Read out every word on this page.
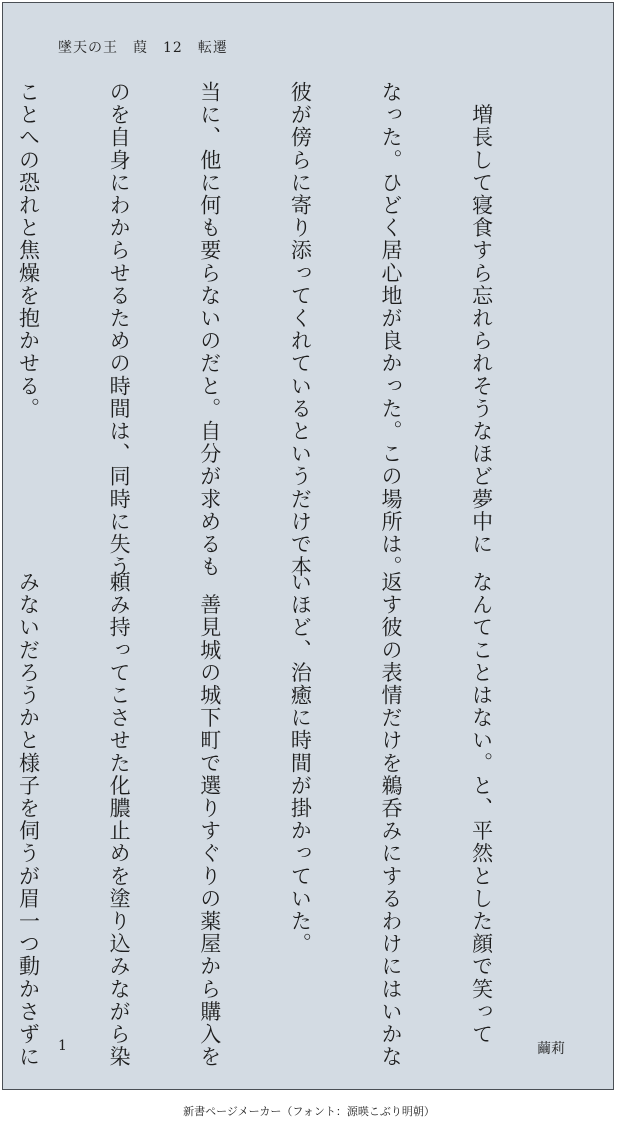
墜天の王　葭　12　転遷

　増長して寝食すら忘れられそうなほど夢中に

なった。ひどく居心地が良かった。この場所は。

彼が傍らに寄り添ってくれているというだけで本

当に、他に何も要らないのだと。自分が求めるも

のを自身にわからせるための時間は、同時に失う

ことへの恐れと焦燥を抱かせる。

なんてことはない。と、平然とした顔で笑って

返す彼の表情だけを鵜呑みにするわけにはいかな

いほど、治癒に時間が掛かっていた。

　善見城の城下町で選りすぐりの薬屋から購入を

頼み持ってこさせた化膿止めを塗り込みながら染

みないだろうかと様子を伺うが眉一つ動かさずに

1	繭莉
新書ページメーカー（フォント：源暎こぶり明朝）
